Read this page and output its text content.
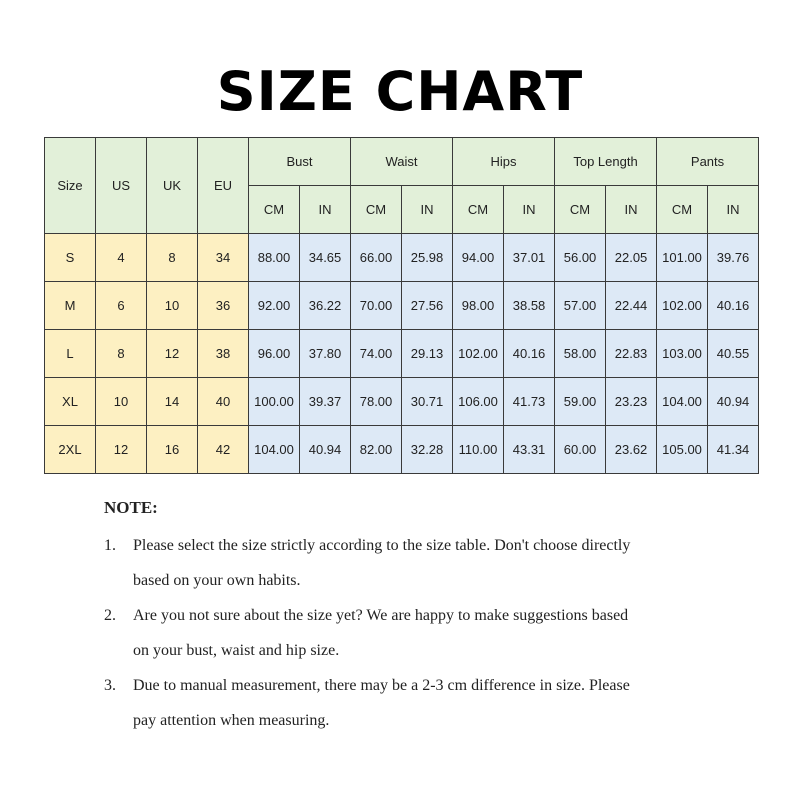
SIZE CHART
Size	US	UK	EU	Bust		Waist		Hips		Top Length		Pants	
				CM	IN	CM	IN	CM	IN	CM	IN	CM	IN
S	4	8	34	88.00	34.65	66.00	25.98	94.00	37.01	56.00	22.05	101.00	39.76
M	6	10	36	92.00	36.22	70.00	27.56	98.00	38.58	57.00	22.44	102.00	40.16
L	8	12	38	96.00	37.80	74.00	29.13	102.00	40.16	58.00	22.83	103.00	40.55
XL	10	14	40	100.00	39.37	78.00	30.71	106.00	41.73	59.00	23.23	104.00	40.94
2XL	12	16	42	104.00	40.94	82.00	32.28	110.00	43.31	60.00	23.62	105.00	41.34
NOTE:
1.	Please select the size strictly according to the size table. Don't choose directly
based on your own habits.
2.	Are you not sure about the size yet? We are happy to make suggestions based
on your bust, waist and hip size.
3.	Due to manual measurement, there may be a 2-3 cm difference in size. Please
pay attention when measuring.
